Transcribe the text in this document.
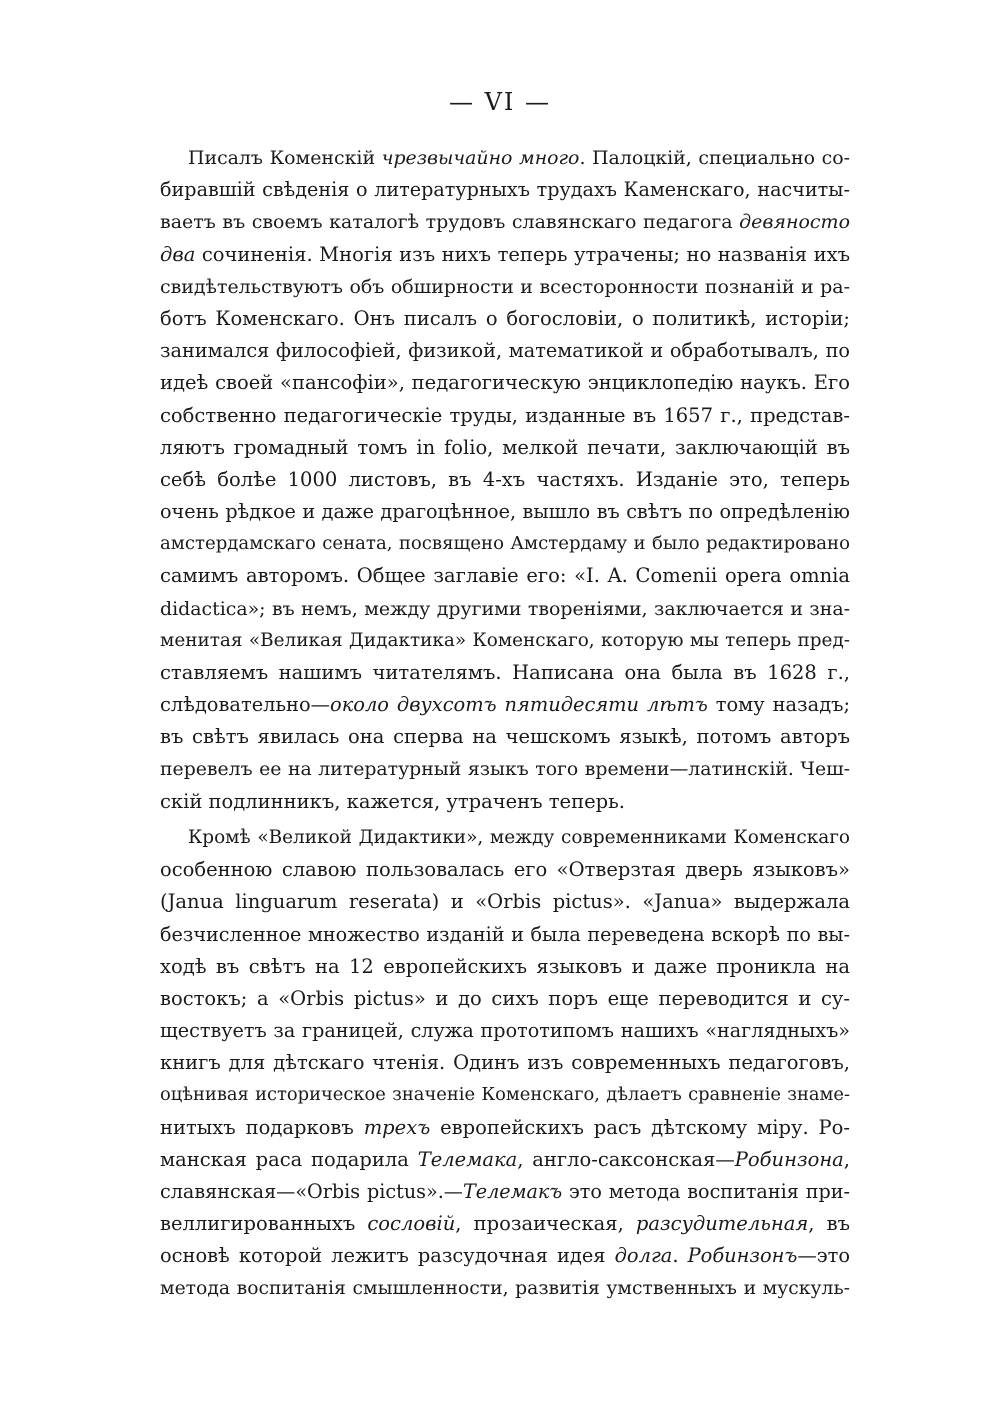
— VI —
Писалъ Коменскій чрезвычайно много. Палоцкій, специально со-
биравшій свѣденія о литературныхъ трудахъ Каменскаго, насчиты-
ваетъ въ своемъ каталогѣ трудовъ славянскаго педагога девяносто
два сочиненія. Многія изъ нихъ теперь утрачены; но названія ихъ
свидѣтельствуютъ объ обширности и всесторонности познаній и ра-
ботъ Коменскаго. Онъ писалъ о богословіи, о политикѣ, исторіи;
занимался философіей, физикой, математикой и обработывалъ, по
идеѣ своей «пансофіи», педагогическую энциклопедію наукъ. Его
собственно педагогическіе труды, изданные въ 1657 г., представ-
ляютъ громадный томъ in folio, мелкой печати, заключающій въ
себѣ болѣе 1000 листовъ, въ 4-хъ частяхъ. Изданіе это, теперь
очень рѣдкое и даже драгоцѣнное, вышло въ свѣтъ по опредѣленію
амстердамскаго сената, посвящено Амстердаму и было редактировано
самимъ авторомъ. Общее заглавіе его: «I. A. Comenii opera omnia
didactica»; въ немъ, между другими твореніями, заключается и зна-
менитая «Великая Дидактика» Коменскаго, которую мы теперь пред-
ставляемъ нашимъ читателямъ. Написана она была въ 1628 г.,
слѣдовательно—около двухсотъ пятидесяти лѣтъ тому назадъ;
въ свѣтъ явилась она сперва на чешскомъ языкѣ, потомъ авторъ
перевелъ ее на литературный языкъ того времени—латинскій. Чеш-
скій подлинникъ, кажется, утраченъ теперь.
Кромѣ «Великой Дидактики», между современниками Коменскаго
особенною славою пользовалась его «Отверзтая дверь языковъ»
(Janua linguarum reserata) и «Orbis pictus». «Janua» выдержала
безчисленное множество изданій и была переведена вскорѣ по вы-
ходѣ въ свѣтъ на 12 европейскихъ языковъ и даже проникла на
востокъ; а «Orbis pictus» и до сихъ поръ еще переводится и су-
ществуетъ за границей, служа прототипомъ нашихъ «наглядныхъ»
книгъ для дѣтскаго чтенія. Одинъ изъ современныхъ педагоговъ,
оцѣнивая историческое значеніе Коменскаго, дѣлаетъ сравненіе знаме-
нитыхъ подарковъ трехъ европейскихъ расъ дѣтскому міру. Ро-
манская раса подарила Телемака, англо-саксонская—Робинзона,
славянская—«Orbis pictus».—Телемакъ это метода воспитанія при-
веллигированныхъ сословій, прозаическая, разсудительная, въ
основѣ которой лежитъ разсудочная идея долга. Робинзонъ—это
метода воспитанія смышленности, развитія умственныхъ и мускуль-
